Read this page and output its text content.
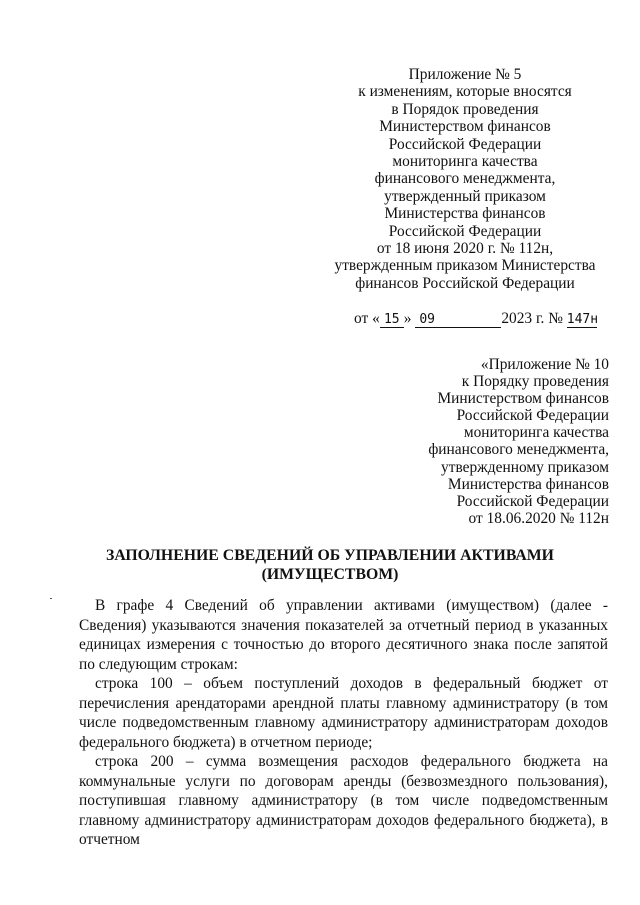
Приложение № 5
к изменениям, которые вносятся
в Порядок проведения
Министерством финансов
Российской Федерации
мониторинга качества
финансового менеджмента,
утвержденный приказом
Министерства финансов
Российской Федерации
от 18 июня 2020 г. № 112н,
утвержденным приказом Министерства
финансов Российской Федерации
от « 15 » 09	2023 г. № 147н
«Приложение № 10
к Порядку проведения
Министерством финансов
Российской Федерации
мониторинга качества
финансового менеджмента,
утвержденному приказом
Министерства финансов
Российской Федерации
от 18.06.2020 № 112н
ЗАПОЛНЕНИЕ СВЕДЕНИЙ ОБ УПРАВЛЕНИИ АКТИВАМИ
(ИМУЩЕСТВОМ)

В графе 4 Сведений об управлении активами (имуществом) (далее - Сведения) указываются значения показателей за отчетный период в указанных единицах измерения с точностью до второго десятичного знака после запятой по следующим строкам:

строка 100 – объем поступлений доходов в федеральный бюджет от перечисления арендаторами арендной платы главному администратору (в том числе подведомственным главному администратору администраторам доходов федерального бюджета) в отчетном периоде;

строка 200 – сумма возмещения расходов федерального бюджета на коммунальные услуги по договорам аренды (безвозмездного пользования), поступившая главному администратору (в том числе подведомственным главному администратору администраторам доходов федерального бюджета), в отчетном
